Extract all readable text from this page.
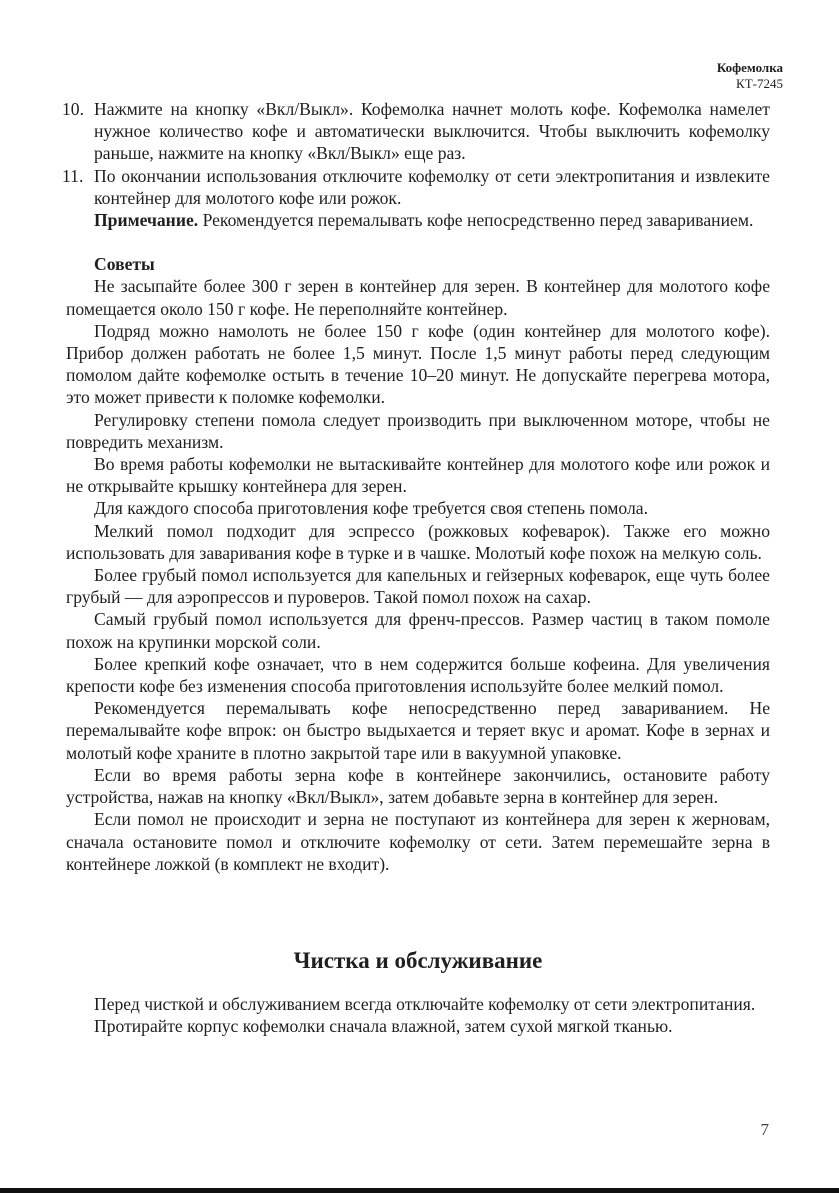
Кофемолка
КТ-7245

10. Нажмите на кнопку «Вкл/Выкл». Кофемолка начнет молоть кофе. Кофемолка намелет нужное количество кофе и автоматически выключится. Чтобы выключить кофемолку раньше, нажмите на кнопку «Вкл/Выкл» еще раз.

11. По окончании использования отключите кофемолку от сети электропитания и извлеките контейнер для молотого кофе или рожок.

Примечание. Рекомендуется перемалывать кофе непосредственно перед завариванием.

Советы

Не засыпайте более 300 г зерен в контейнер для зерен. В контейнер для молотого кофе помещается около 150 г кофе. Не переполняйте контейнер.

Подряд можно намолоть не более 150 г кофе (один контейнер для молотого кофе). Прибор должен работать не более 1,5 минут. После 1,5 минут работы перед следующим помолом дайте кофемолке остыть в течение 10–20 минут. Не допускайте перегрева мотора, это может привести к поломке кофемолки.

Регулировку степени помола следует производить при выключенном моторе, чтобы не повредить механизм.

Во время работы кофемолки не вытаскивайте контейнер для молотого кофе или рожок и не открывайте крышку контейнера для зерен.

Для каждого способа приготовления кофе требуется своя степень помола.

Мелкий помол подходит для эспрессо (рожковых кофеварок). Также его можно использовать для заваривания кофе в турке и в чашке. Молотый кофе похож на мелкую соль.

Более грубый помол используется для капельных и гейзерных кофеварок, еще чуть более грубый — для аэропрессов и пуроверов. Такой помол похож на сахар.

Самый грубый помол используется для френч-прессов. Размер частиц в таком помоле похож на крупинки морской соли.

Более крепкий кофе означает, что в нем содержится больше кофеина. Для увеличения крепости кофе без изменения способа приготовления используйте более мелкий помол.

Рекомендуется перемалывать кофе непосредственно перед завариванием. Не перемалывайте кофе впрок: он быстро выдыхается и теряет вкус и аромат. Кофе в зернах и молотый кофе храните в плотно закрытой таре или в вакуумной упаковке.

Если во время работы зерна кофе в контейнере закончились, остановите работу устройства, нажав на кнопку «Вкл/Выкл», затем добавьте зерна в контейнер для зерен.

Если помол не происходит и зерна не поступают из контейнера для зерен к жерновам, сначала остановите помол и отключите кофемолку от сети. Затем перемешайте зерна в контейнере ложкой (в комплект не входит).

Чистка и обслуживание

Перед чисткой и обслуживанием всегда отключайте кофемолку от сети электропитания.

Протирайте корпус кофемолки сначала влажной, затем сухой мягкой тканью.

7
